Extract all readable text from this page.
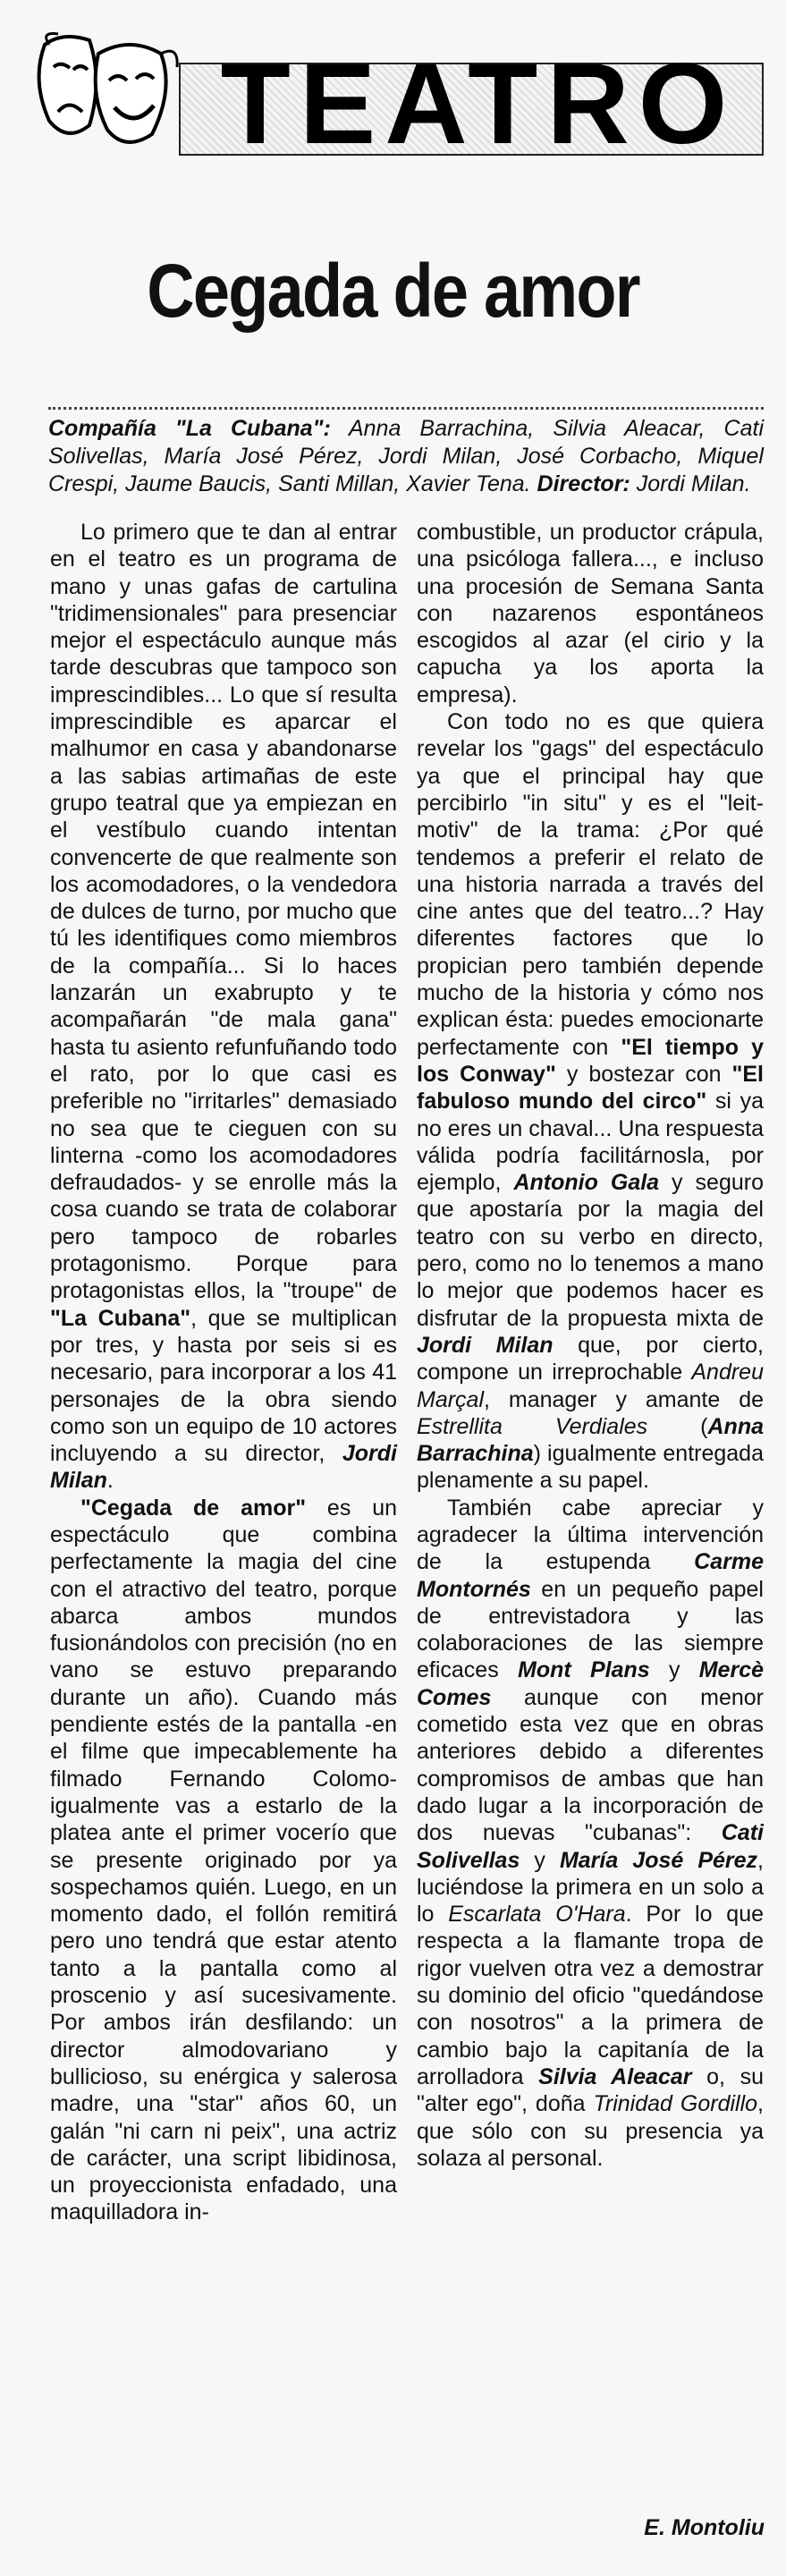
TEATRO
Cegada de amor
Compañía "La Cubana": Anna Barrachina, Silvia Aleacar, Cati Solivellas, María José Pérez, Jordi Milan, José Corbacho, Miquel Crespi, Jaume Baucis, Santi Millan, Xavier Tena. Director: Jordi Milan.

Lo primero que te dan al entrar en el teatro es un programa de mano y unas gafas de cartulina "tridimensionales" para presenciar mejor el espectáculo aunque más tarde descubras que tampoco son imprescindibles... Lo que sí resulta imprescindible es aparcar el malhumor en casa y abandonarse a las sabias artimañas de este grupo teatral que ya empiezan en el vestíbulo cuando intentan convencerte de que realmente son los acomodadores, o la vendedora de dulces de turno, por mucho que tú les identifiques como miembros de la compañía... Si lo haces lanzarán un exabrupto y te acompañarán "de mala gana" hasta tu asiento refunfuñando todo el rato, por lo que casi es preferible no "irritarles" demasiado no sea que te cieguen con su linterna -como los acomodadores defraudados- y se enrolle más la cosa cuando se trata de colaborar pero tampoco de robarles protagonismo. Porque para protagonistas ellos, la "troupe" de "La Cubana", que se multiplican por tres, y hasta por seis si es necesario, para incorporar a los 41 personajes de la obra siendo como son un equipo de 10 actores incluyendo a su director, Jordi Milan.

"Cegada de amor" es un espectáculo que combina perfectamente la magia del cine con el atractivo del teatro, porque abarca ambos mundos fusionándolos con precisión (no en vano se estuvo preparando durante un año). Cuando más pendiente estés de la pantalla -en el filme que impecablemente ha filmado Fernando Colomo- igualmente vas a estarlo de la platea ante el primer vocerío que se presente originado por ya sospechamos quién. Luego, en un momento dado, el follón remitirá pero uno tendrá que estar atento tanto a la pantalla como al proscenio y así sucesivamente. Por ambos irán desfilando: un director almodovariano y bullicioso, su enérgica y salerosa madre, una "star" años 60, un galán "ni carn ni peix", una actriz de carácter, una script libidinosa, un proyeccionista enfadado, una maquilladora in-

combustible, un productor crápula, una psicóloga fallera..., e incluso una procesión de Semana Santa con nazarenos espontáneos escogidos al azar (el cirio y la capucha ya los aporta la empresa).

Con todo no es que quiera revelar los "gags" del espectáculo ya que el principal hay que percibirlo "in situ" y es el "leit-motiv" de la trama: ¿Por qué tendemos a preferir el relato de una historia narrada a través del cine antes que del teatro...? Hay diferentes factores que lo propician pero también depende mucho de la historia y cómo nos explican ésta: puedes emocionarte perfectamente con "El tiempo y los Conway" y bostezar con "El fabuloso mundo del circo" si ya no eres un chaval... Una respuesta válida podría facilitárnosla, por ejemplo, Antonio Gala y seguro que apostaría por la magia del teatro con su verbo en directo, pero, como no lo tenemos a mano lo mejor que podemos hacer es disfrutar de la propuesta mixta de Jordi Milan que, por cierto, compone un irreprochable Andreu Marçal, manager y amante de Estrellita Verdiales (Anna Barrachina) igualmente entregada plenamente a su papel.

También cabe apreciar y agradecer la última intervención de la estupenda Carme Montornés en un pequeño papel de entrevistadora y las colaboraciones de las siempre eficaces Mont Plans y Mercè Comes aunque con menor cometido esta vez que en obras anteriores debido a diferentes compromisos de ambas que han dado lugar a la incorporación de dos nuevas "cubanas": Cati Solivellas y María José Pérez, luciéndose la primera en un solo a lo Escarlata O'Hara. Por lo que respecta a la flamante tropa de rigor vuelven otra vez a demostrar su dominio del oficio "quedándose con nosotros" a la primera de cambio bajo la capitanía de la arrolladora Silvia Aleacar o, su "alter ego", doña Trinidad Gordillo, que sólo con su presencia ya solaza al personal.

E. Montoliu
